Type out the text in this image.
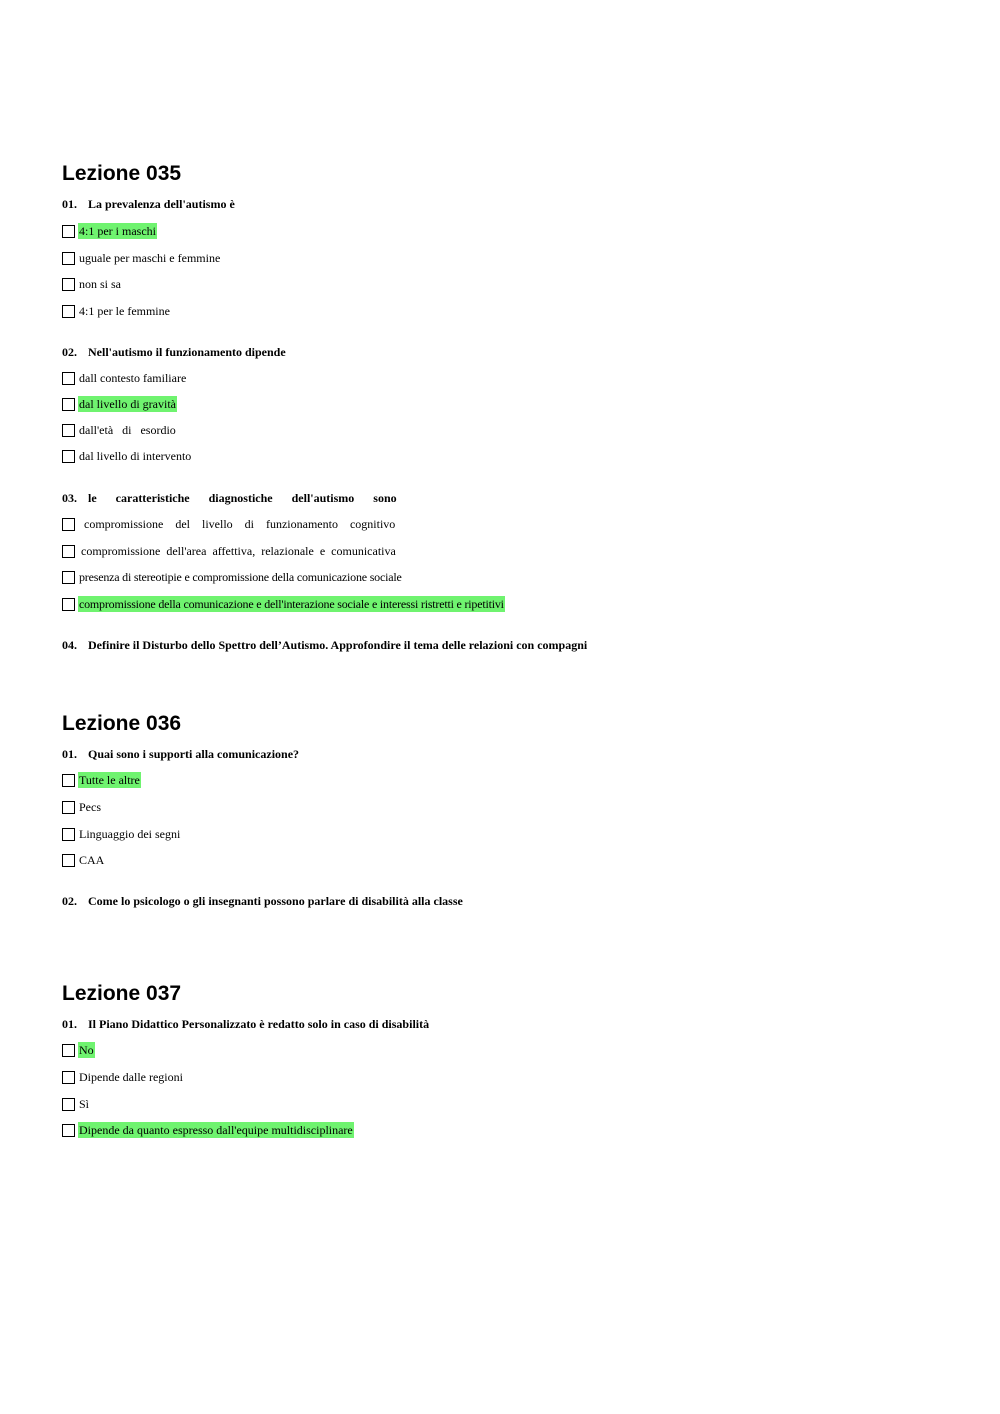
Lezione 035

01. La prevalenza dell'autismo è

4:1 per i maschi
uguale per maschi e femmine
non si sa
4:1 per le femmine

02. Nell'autismo il funzionamento dipende

dall contesto familiare
dal livello di gravità
dall'età di esordio
dal livello di intervento

03. le caratteristiche diagnostiche dell'autismo sono

compromissione del livello di funzionamento cognitivo
compromissione dell'area affettiva, relazionale e comunicativa
presenza di stereotipie e compromissione della comunicazione sociale
compromissione della comunicazione e dell'interazione sociale e interessi ristretti e ripetitivi

04. Definire il Disturbo dello Spettro dell’Autismo. Approfondire il tema delle relazioni con compagni

Lezione 036

01. Quai sono i supporti alla comunicazione?

Tutte le altre
Pecs
Linguaggio dei segni
CAA

02. Come lo psicologo o gli insegnanti possono parlare di disabilità alla classe

Lezione 037

01. Il Piano Didattico Personalizzato è redatto solo in caso di disabilità

No
Dipende dalle regioni
Sì
Dipende da quanto espresso dall'equipe multidisciplinare
